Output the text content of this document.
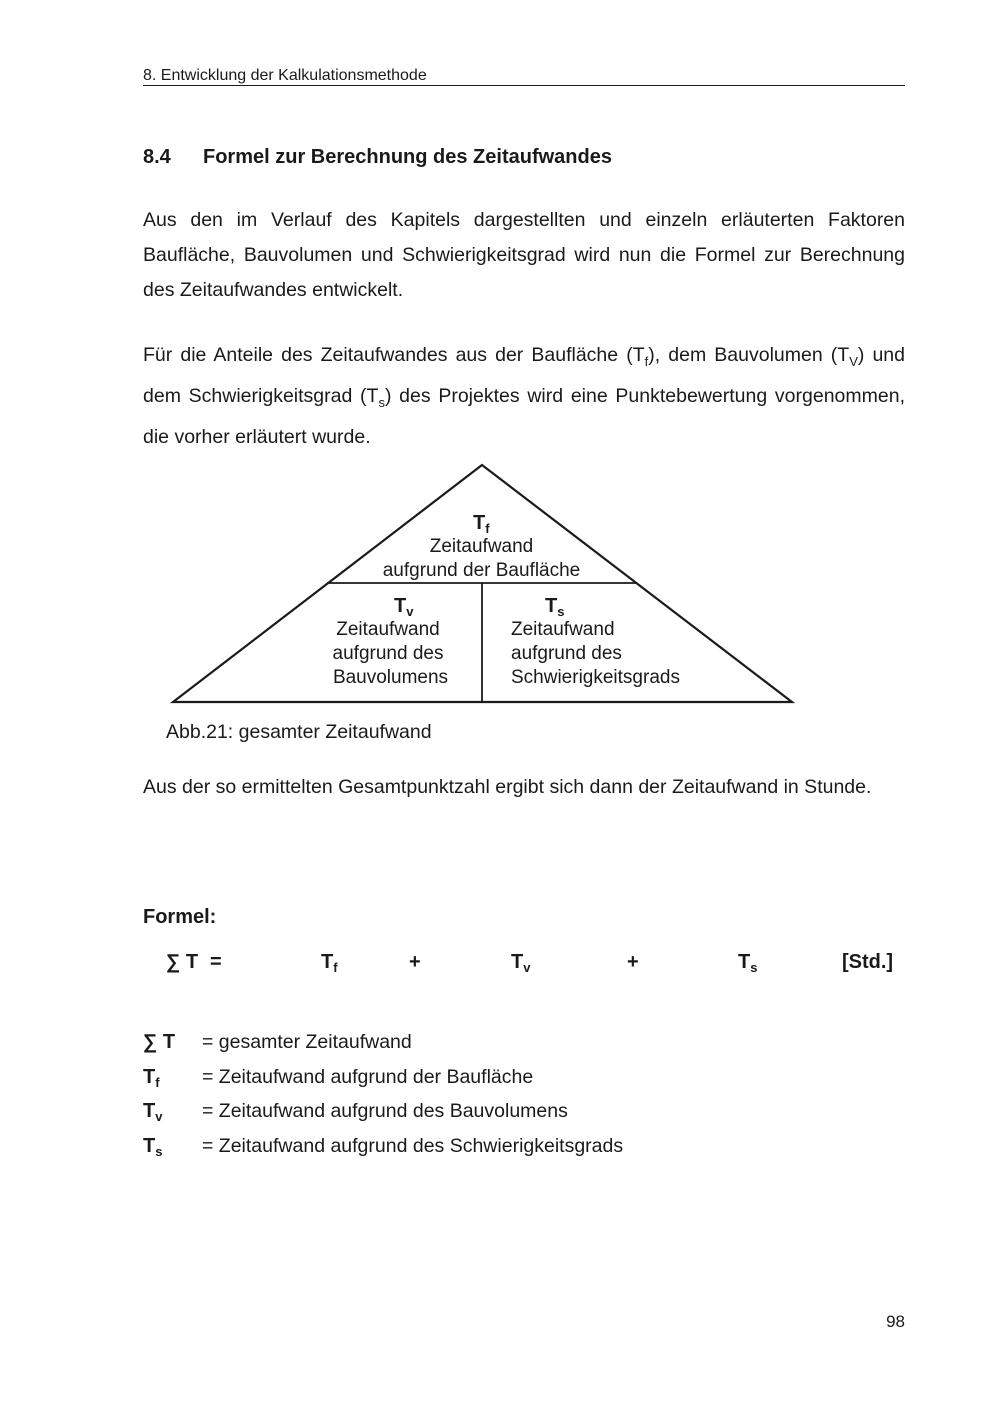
8. Entwicklung der Kalkulationsmethode
8.4 Formel zur Berechnung des Zeitaufwandes

Aus den im Verlauf des Kapitels dargestellten und einzeln erläuterten Faktoren Baufläche, Bauvolumen und Schwierigkeitsgrad wird nun die Formel zur Berechnung des Zeitaufwandes entwickelt.

Für die Anteile des Zeitaufwandes aus der Baufläche $(T_f)$, dem Bauvolumen $(T_V)$ und dem Schwierigkeitsgrad $(T_s)$ des Projektes wird eine Punktebewertung vorgenommen, die vorher erläutert wurde.

$T_f$
Zeitaufwand
aufgrund der Baufläche
$T_v$
Zeitaufwand
aufgrund des
Bauvolumens
$T_s$
Zeitaufwand
aufgrund des
Schwierigkeitsgrads
Abb.21: gesamter Zeitaufwand

Aus der so ermittelten Gesamtpunktzahl ergibt sich dann der Zeitaufwand in Stunde.

Formel:
∑ T =	$T_f$	+	$T_v$	+	$T_s$	[Std.]
∑ T = gesamter Zeitaufwand
$T_f$ = Zeitaufwand aufgrund der Baufläche
$T_v$ = Zeitaufwand aufgrund des Bauvolumens
$T_s$ = Zeitaufwand aufgrund des Schwierigkeitsgrads
98
